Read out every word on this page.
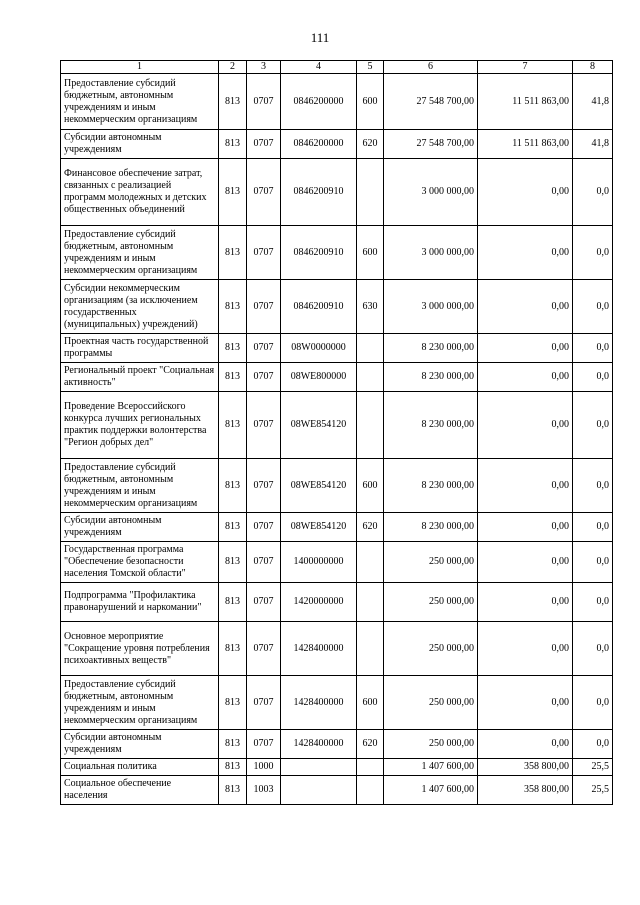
111
1	2	3	4	5	6	7	8
Предоставление субсидий бюджетным, автономным учреждениям и иным некоммерческим организациям	813	0707	0846200000	600	27 548 700,00	11 511 863,00	41,8
Субсидии автономным учреждениям	813	0707	0846200000	620	27 548 700,00	11 511 863,00	41,8
Финансовое обеспечение затрат, связанных с реализацией программ молодежных и детских общественных объединений	813	0707	0846200910		3 000 000,00	0,00	0,0
Предоставление субсидий бюджетным, автономным учреждениям и иным некоммерческим организациям	813	0707	0846200910	600	3 000 000,00	0,00	0,0
Субсидии некоммерческим организациям (за исключением государственных (муниципальных) учреждений)	813	0707	0846200910	630	3 000 000,00	0,00	0,0
Проектная часть государственной программы	813	0707	08W0000000		8 230 000,00	0,00	0,0
Региональный проект "Социальная активность"	813	0707	08WE800000		8 230 000,00	0,00	0,0
Проведение Всероссийского конкурса лучших региональных практик поддержки волонтерства "Регион добрых дел"	813	0707	08WE854120		8 230 000,00	0,00	0,0
Предоставление субсидий бюджетным, автономным учреждениям и иным некоммерческим организациям	813	0707	08WE854120	600	8 230 000,00	0,00	0,0
Субсидии автономным учреждениям	813	0707	08WE854120	620	8 230 000,00	0,00	0,0
Государственная программа "Обеспечение безопасности населения Томской области"	813	0707	1400000000		250 000,00	0,00	0,0
Подпрограмма "Профилактика правонарушений и наркомании"	813	0707	1420000000		250 000,00	0,00	0,0
Основное мероприятие "Сокращение уровня потребления психоактивных веществ"	813	0707	1428400000		250 000,00	0,00	0,0
Предоставление субсидий бюджетным, автономным учреждениям и иным некоммерческим организациям	813	0707	1428400000	600	250 000,00	0,00	0,0
Субсидии автономным учреждениям	813	0707	1428400000	620	250 000,00	0,00	0,0
Социальная политика	813	1000			1 407 600,00	358 800,00	25,5
Социальное обеспечение населения	813	1003			1 407 600,00	358 800,00	25,5
